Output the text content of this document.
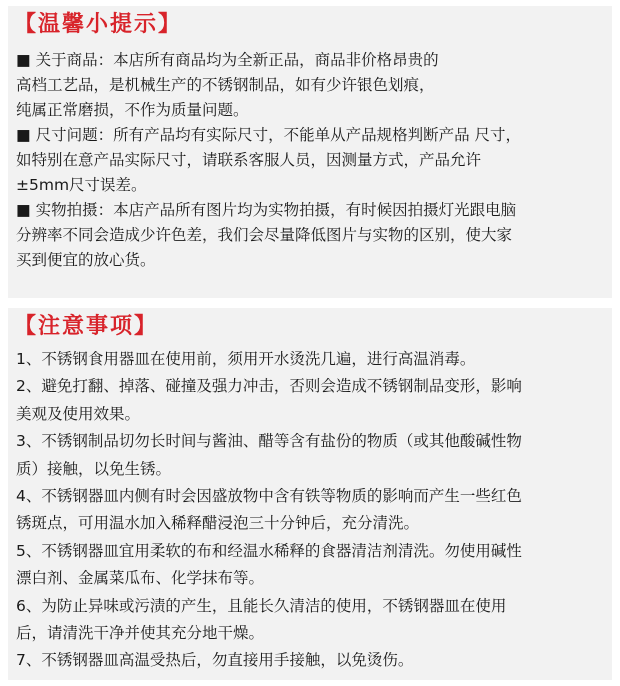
【温馨小提示】
■ 关于商品：本店所有商品均为全新正品，商品非价格昂贵的
高档工艺品，是机械生产的不锈钢制品，如有少许银色划痕，
纯属正常磨损，不作为质量问题。
■ 尺寸问题：所有产品均有实际尺寸，不能单从产品规格判断产品 尺寸，
如特别在意产品实际尺寸，请联系客服人员，因测量方式，产品允许
±5mm尺寸误差。
■ 实物拍摄：本店产品所有图片均为实物拍摄，有时候因拍摄灯光跟电脑
分辨率不同会造成少许色差，我们会尽量降低图片与实物的区别，使大家
买到便宜的放心货。
【注意事项】
1、不锈钢食用器皿在使用前，须用开水烫洗几遍，进行高温消毒。
2、避免打翻、掉落、碰撞及强力冲击，否则会造成不锈钢制品变形，影响
美观及使用效果。
3、不锈钢制品切勿长时间与酱油、醋等含有盐份的物质（或其他酸碱性物
质）接触，以免生锈。
4、不锈钢器皿内侧有时会因盛放物中含有铁等物质的影响而产生一些红色
锈斑点，可用温水加入稀释醋浸泡三十分钟后，充分清洗。
5、不锈钢器皿宜用柔软的布和经温水稀释的食器清洁剂清洗。勿使用碱性
漂白剂、金属菜瓜布、化学抹布等。
6、为防止异味或污渍的产生，且能长久清洁的使用，不锈钢器皿在使用
后，请清洗干净并使其充分地干燥。
7、不锈钢器皿高温受热后，勿直接用手接触，以免烫伤。
